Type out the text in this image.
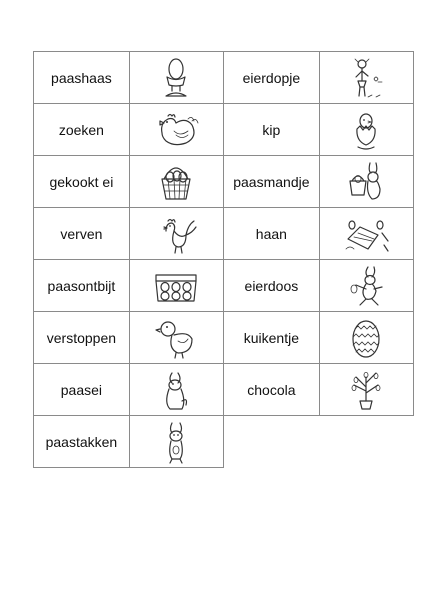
paashaas		eierdopje	

zoeken		kip	

gekookt ei		paasmandje	

verven		haan	

paasontbijt		eierdoos	

verstoppen		kuikentje	

paasei		chocola	

paastakken	
